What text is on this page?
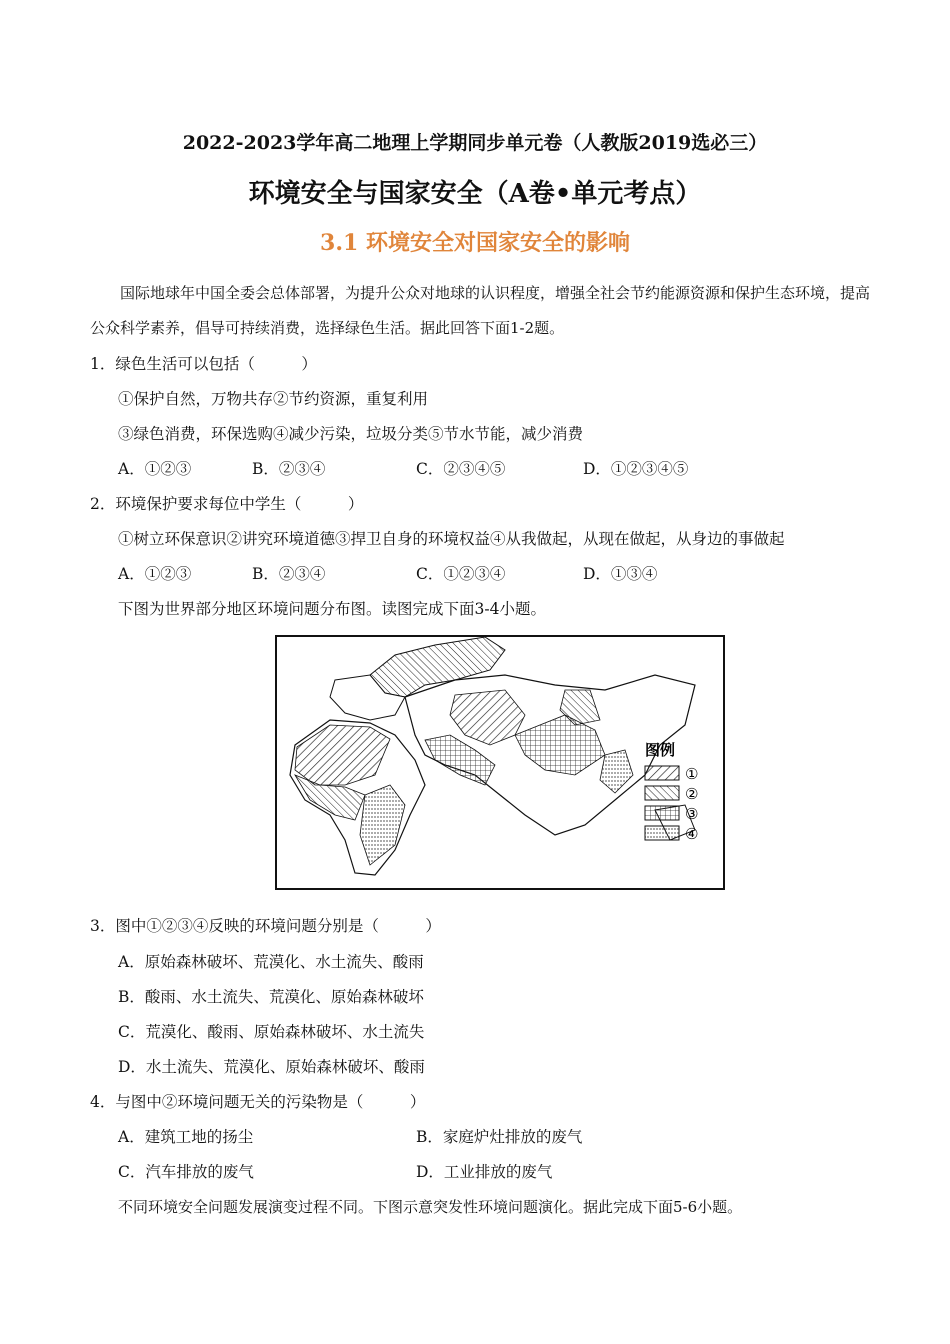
2022-2023学年高二地理上学期同步单元卷（人教版2019选必三）
环境安全与国家安全（A卷•单元考点）
3.1 环境安全对国家安全的影响
国际地球年中国全委会总体部署，为提升公众对地球的认识程度，增强全社会节约能源资源和保护生态环境，提高公众科学素养，倡导可持续消费，选择绿色生活。据此回答下面1-2题。
1．绿色生活可以包括（　　　）
①保护自然，万物共存②节约资源，重复利用
③绿色消费，环保选购④减少污染，垃圾分类⑤节水节能，减少消费
A．①②③	B．②③④	C．②③④⑤	D．①②③④⑤
2．环境保护要求每位中学生（　　　）
①树立环保意识②讲究环境道德③捍卫自身的环境权益④从我做起，从现在做起，从身边的事做起
A．①②③	B．②③④	C．①②③④	D．①③④
下图为世界部分地区环境问题分布图。读图完成下面3-4小题。
图例
①
②
③
④
3．图中①②③④反映的环境问题分别是（　　　）
A．原始森林破坏、荒漠化、水土流失、酸雨
B．酸雨、水土流失、荒漠化、原始森林破坏
C．荒漠化、酸雨、原始森林破坏、水土流失
D．水土流失、荒漠化、原始森林破坏、酸雨
4．与图中②环境问题无关的污染物是（　　　）
A．建筑工地的扬尘	B．家庭炉灶排放的废气
C．汽车排放的废气	D．工业排放的废气
不同环境安全问题发展演变过程不同。下图示意突发性环境问题演化。据此完成下面5-6小题。
